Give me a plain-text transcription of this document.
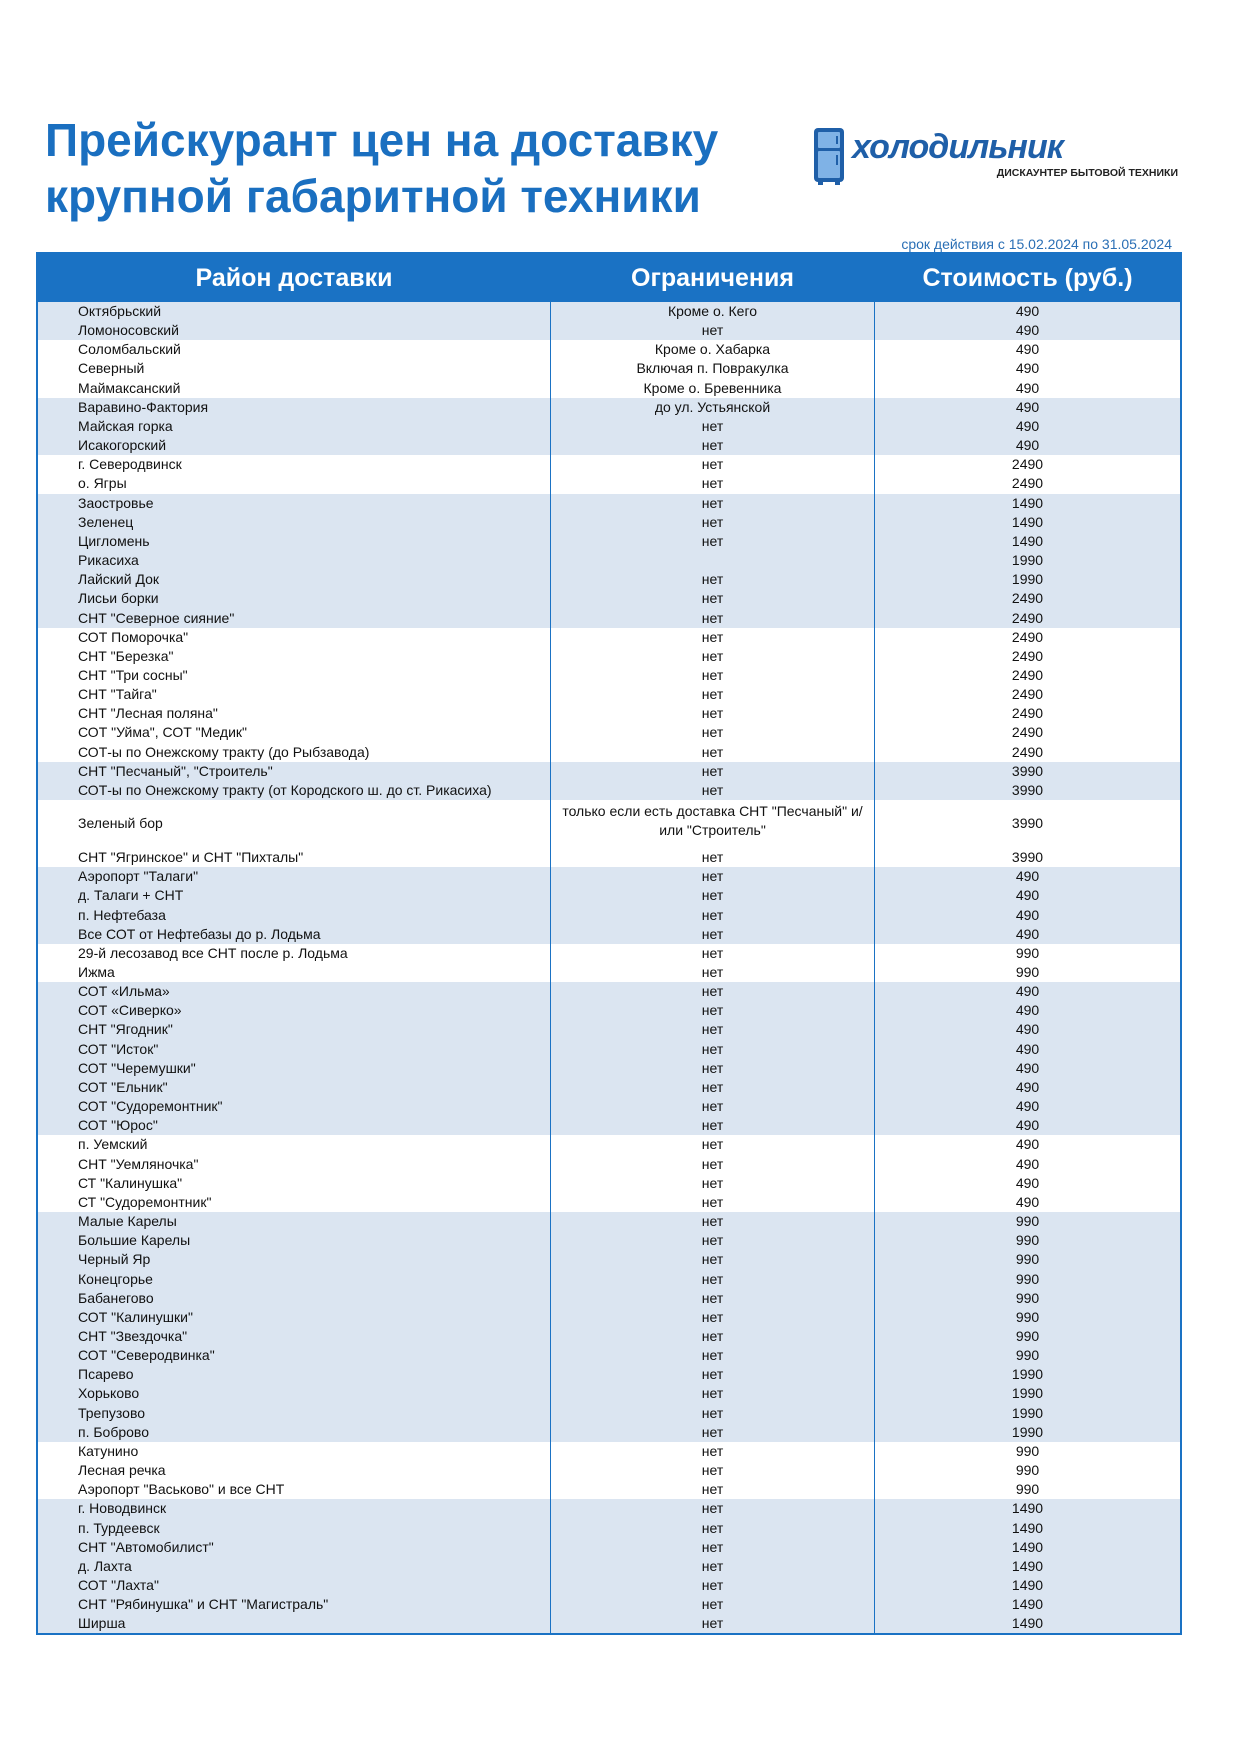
Прейскурант цен на доставку
крупной габаритной техники
холодильник
ДИСКАУНТЕР БЫТОВОЙ ТЕХНИКИ
срок действия с 15.02.2024 по 31.05.2024
Район доставки	Ограничения	Стоимость (руб.)
Октябрьский	Кроме о. Кего	490
Ломоносовский	нет	490
Соломбальский	Кроме о. Хабарка	490
Северный	Включая п. Повракулка	490
Маймаксанский	Кроме о. Бревенника	490
Варавино-Фактория	до ул. Устьянской	490
Майская горка	нет	490
Исакогорский	нет	490
г. Северодвинск	нет	2490
о. Ягры	нет	2490
Заостровье	нет	1490
Зеленец	нет	1490
Цигломень	нет	1490
Рикасиха	1990
Лайский Док	нет	1990
Лисьи борки	нет	2490
СНТ "Северное сияние"	нет	2490
СОТ Поморочка"	нет	2490
СНТ "Березка"	нет	2490
СНТ "Три сосны"	нет	2490
СНТ "Тайга"	нет	2490
СНТ "Лесная поляна"	нет	2490
СОТ "Уйма", СОТ "Медик"	нет	2490
СОТ-ы по Онежскому тракту (до Рыбзавода)	нет	2490
СНТ "Песчаный", "Строитель"	нет	3990
СОТ-ы по Онежскому тракту (от Кородского ш. до ст. Рикасиха)	нет	3990
Зеленый бор
только если есть доставка СНТ "Песчаный" и/или "Строитель"	3990
СНТ "Ягринское" и СНТ "Пихталы"	нет	3990
Аэропорт "Талаги"	нет	490
д. Талаги + СНТ	нет	490
п. Нефтебаза	нет	490
Все СОТ от Нефтебазы до р. Лодьма	нет	490
29-й лесозавод все СНТ после р. Лодьма	нет	990
Ижма	нет	990
СОТ «Ильма»	нет	490
СОТ «Сиверко»	нет	490
СНТ "Ягодник"	нет	490
СОТ "Исток"	нет	490
СОТ "Черемушки"	нет	490
СОТ "Ельник"	нет	490
СОТ "Судоремонтник"	нет	490
СОТ "Юрос"	нет	490
п. Уемский	нет	490
СНТ "Уемляночка"	нет	490
СТ "Калинушка"	нет	490
СТ "Судоремонтник"	нет	490
Малые Карелы	нет	990
Большие Карелы	нет	990
Черный Яр	нет	990
Конецгорье	нет	990
Бабанегово	нет	990
СОТ "Калинушки"	нет	990
СНТ "Звездочка"	нет	990
СОТ "Северодвинка"	нет	990
Псарево	нет	1990
Хорьково	нет	1990
Трепузово	нет	1990
п. Боброво	нет	1990
Катунино	нет	990
Лесная речка	нет	990
Аэропорт "Васьково" и все СНТ	нет	990
г. Новодвинск	нет	1490
п. Турдеевск	нет	1490
СНТ "Автомобилист"	нет	1490
д. Лахта	нет	1490
СОТ "Лахта"	нет	1490
СНТ "Рябинушка" и СНТ "Магистраль"	нет	1490
Ширша	нет	1490
